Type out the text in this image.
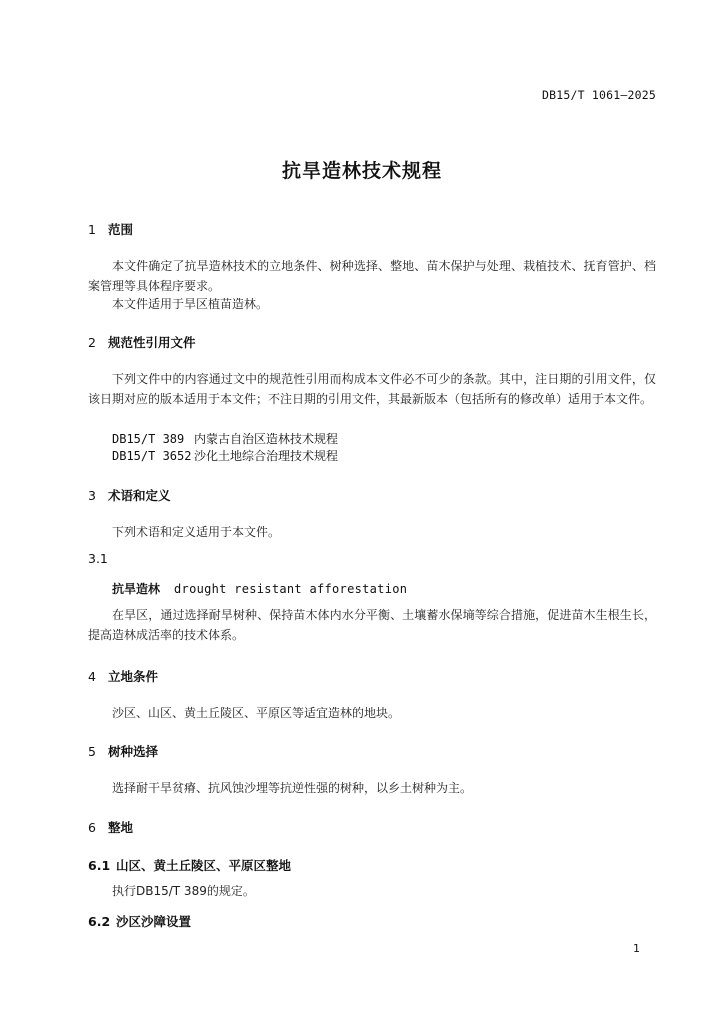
DB15/T 1061—2025
抗旱造林技术规程
1 范围
本文件确定了抗旱造林技术的立地条件、树种选择、整地、苗木保护与处理、栽植技术、抚育管护、档案管理等具体程序要求。
本文件适用于旱区植苗造林。
2 规范性引用文件
下列文件中的内容通过文中的规范性引用而构成本文件必不可少的条款。其中，注日期的引用文件，仅该日期对应的版本适用于本文件；不注日期的引用文件，其最新版本（包括所有的修改单）适用于本文件。
DB15/T 389 内蒙古自治区造林技术规程
DB15/T 3652 沙化土地综合治理技术规程
3 术语和定义
下列术语和定义适用于本文件。
3.1
抗旱造林 drought resistant afforestation
在旱区，通过选择耐旱树种、保持苗木体内水分平衡、土壤蓄水保墒等综合措施，促进苗木生根生长，提高造林成活率的技术体系。
4 立地条件
沙区、山区、黄土丘陵区、平原区等适宜造林的地块。
5 树种选择
选择耐干旱贫瘠、抗风蚀沙埋等抗逆性强的树种，以乡土树种为主。
6 整地
6.1 山区、黄土丘陵区、平原区整地
执行DB15/T 389的规定。
6.2 沙区沙障设置
1
